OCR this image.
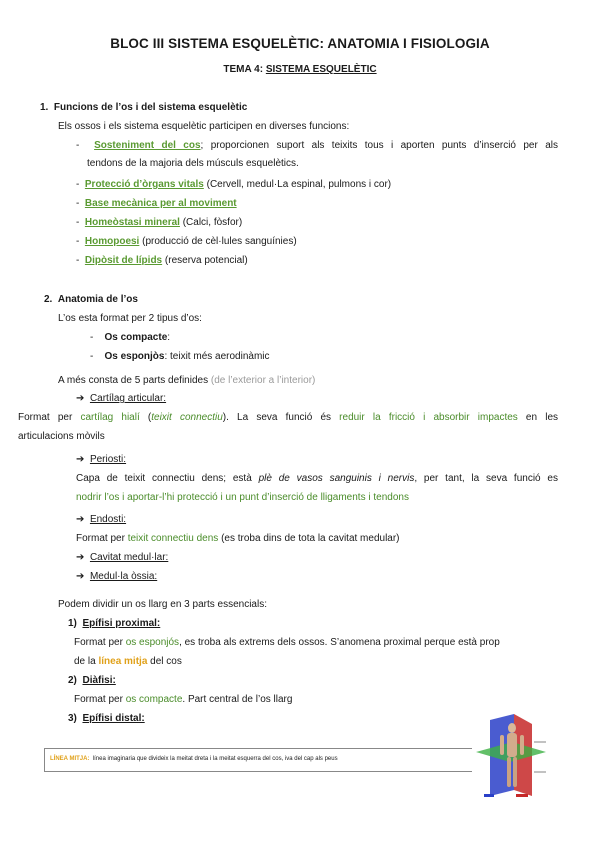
BLOC III SISTEMA ESQUELÈTIC: ANATOMIA I FISIOLOGIA
TEMA 4: SISTEMA ESQUELÈTIC
1. Funcions de l’os i del sistema esquelètic
Els ossos i els sistema esquelètic participen en diverses funcions:
-  Sosteniment del cos; proporcionen suport als teixits tous i aporten punts d’inserció per als
tendons de la majoria dels músculs esquelètics.
-  Protecció d’òrgans vitals (Cervell, medul·La espinal, pulmons i cor)
-  Base mecànica per al moviment
-  Homeòstasi mineral (Calci, fòsfor)
-  Homopoesi (producció de cèl·lules sanguínies)
-  Dipòsit de lípids (reserva potencial)
2. Anatomia de l’os
L’os esta format per 2 tipus d’os:
-    Os compacte:
-    Os esponjòs: teixit més aerodinàmic
A més consta de 5 parts definides (de l’exterior a l’interior)
➔  Cartílag articular:
Format per cartílag hialí (teixit connectiu). La seva funció és reduir la fricció i absorbir impactes en les
articulacions mòvils
➔  Periosti:
Capa de teixit connectiu dens; està plè de vasos sanguinis i nervis, per tant, la seva funció es
nodrir l’os i aportar-l’hi protecció i un punt d’inserció de lligaments i tendons
➔  Endosti:
Format per teixit connectiu dens (es troba dins de tota la cavitat medular)
➔  Cavitat medul·lar:
➔  Medul·la òssia:
Podem dividir un os llarg en 3 parts essencials:
1) Epífisi proximal:
Format per os esponjós, es troba als extrems dels ossos. S’anomena proximal perque està prop
de la línea mitja del cos
2) Diàfisi:
Format per os compacte. Part central de l’os llarg
3) Epífisi distal:
LÍNEA MITJA: línea imaginaria que divideix la meitat dreta i la meitat esquerra del cos, iva del cap als peus
